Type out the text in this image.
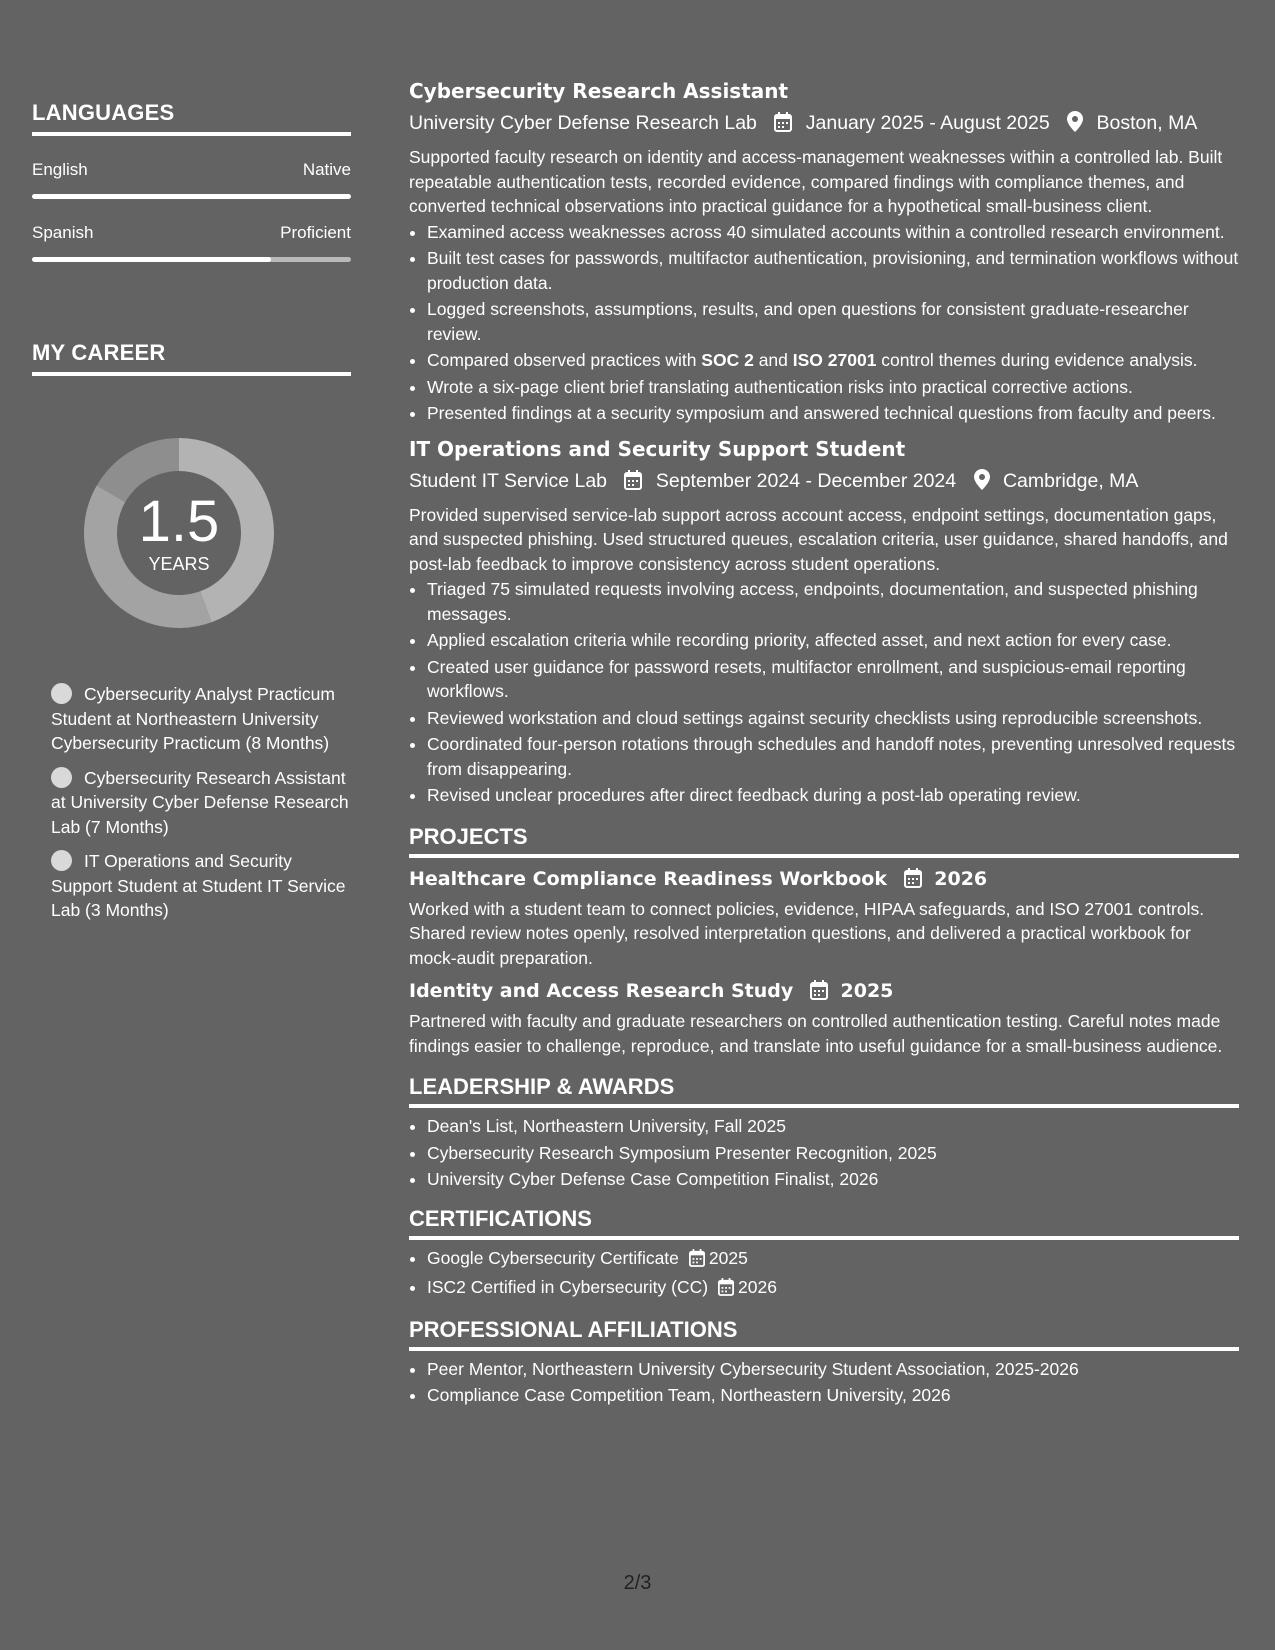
LANGUAGES
English	Native
Spanish	Proficient
MY CAREER
1.5
YEARS
Cybersecurity Analyst Practicum Student at Northeastern University Cybersecurity Practicum (8 Months)
Cybersecurity Research Assistant at University Cyber Defense Research Lab (7 Months)
IT Operations and Security Support Student at Student IT Service Lab (3 Months)
Cybersecurity Research Assistant
University Cyber Defense Research Lab	January 2025 - August 2025 Boston, MA

Supported faculty research on identity and access-management weaknesses within a controlled lab. Built repeatable authentication tests, recorded evidence, compared findings with compliance themes, and converted technical observations into practical guidance for a hypothetical small-business client.

• Examined access weaknesses across 40 simulated accounts within a controlled research environment.
• Built test cases for passwords, multifactor authentication, provisioning, and termination workflows without production data.
• Logged screenshots, assumptions, results, and open questions for consistent graduate-researcher review.
• Compared observed practices with SOC 2 and ISO 27001 control themes during evidence analysis.
• Wrote a six-page client brief translating authentication risks into practical corrective actions.
• Presented findings at a security symposium and answered technical questions from faculty and peers.
IT Operations and Security Support Student
Student IT Service Lab	September 2024 - December 2024 Cambridge, MA

Provided supervised service-lab support across account access, endpoint settings, documentation gaps, and suspected phishing. Used structured queues, escalation criteria, user guidance, shared handoffs, and post-lab feedback to improve consistency across student operations.

• Triaged 75 simulated requests involving access, endpoints, documentation, and suspected phishing messages.
• Applied escalation criteria while recording priority, affected asset, and next action for every case.
• Created user guidance for password resets, multifactor enrollment, and suspicious-email reporting workflows.
• Reviewed workstation and cloud settings against security checklists using reproducible screenshots.
• Coordinated four-person rotations through schedules and handoff notes, preventing unresolved requests from disappearing.
• Revised unclear procedures after direct feedback during a post-lab operating review.
PROJECTS
Healthcare Compliance Readiness Workbook 2026

Worked with a student team to connect policies, evidence, HIPAA safeguards, and ISO 27001 controls. Shared review notes openly, resolved interpretation questions, and delivered a practical workbook for mock-audit preparation.

Identity and Access Research Study 2025

Partnered with faculty and graduate researchers on controlled authentication testing. Careful notes made findings easier to challenge, reproduce, and translate into useful guidance for a small-business audience.

LEADERSHIP & AWARDS
• Dean's List, Northeastern University, Fall 2025
• Cybersecurity Research Symposium Presenter Recognition, 2025
• University Cyber Defense Case Competition Finalist, 2026
CERTIFICATIONS
• Google Cybersecurity Certificate 2025
• ISC2 Certified in Cybersecurity (CC) 2026
PROFESSIONAL AFFILIATIONS
• Peer Mentor, Northeastern University Cybersecurity Student Association, 2025-2026
• Compliance Case Competition Team, Northeastern University, 2026
2/3
